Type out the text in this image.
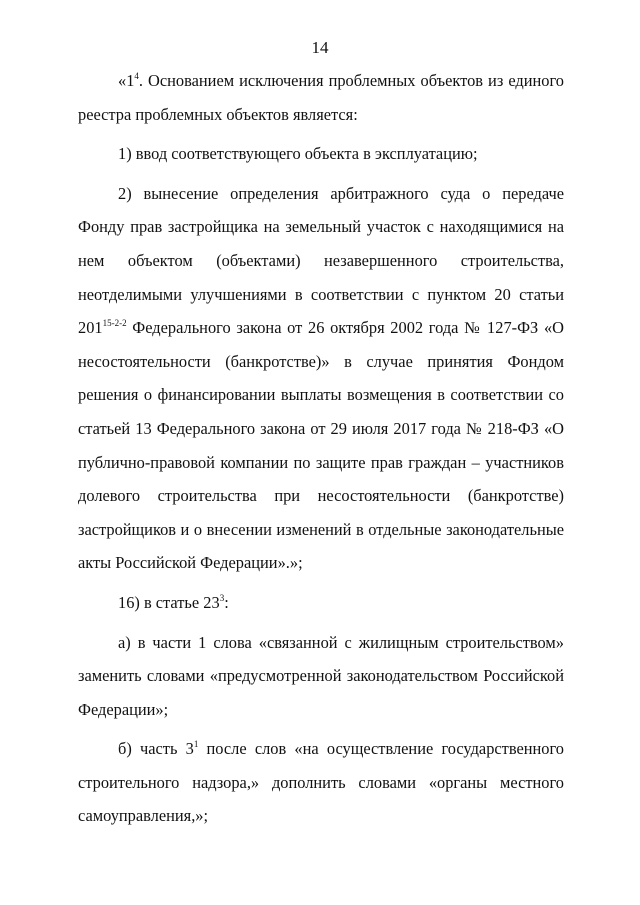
14

«$1^4$. Основанием исключения проблемных объектов из единого реестра проблемных объектов является:

1) ввод соответствующего объекта в эксплуатацию;

2) вынесение определения арбитражного суда о передаче Фонду прав застройщика на земельный участок с находящимися на нем объектом (объектами) незавершенного строительства, неотделимыми улучшениями в соответствии с пунктом 20 статьи 201$^{15-2-2}$ Федерального закона от 26 октября 2002 года № 127-ФЗ «О несостоятельности (банкротстве)» в случае принятия Фондом решения о финансировании выплаты возмещения в соответствии со статьей 13 Федерального закона от 29 июля 2017 года № 218-ФЗ «О публично-правовой компании по защите прав граждан – участников долевого строительства при несостоятельности (банкротстве) застройщиков и о внесении изменений в отдельные законодательные акты Российской Федерации».»;

16) в статье $23^3$:

а) в части 1 слова «связанной с жилищным строительством» заменить словами «предусмотренной законодательством Российской Федерации»;

б) часть $3^1$ после слов «на осуществление государственного строительного надзора,» дополнить словами «органы местного самоуправления,»;
